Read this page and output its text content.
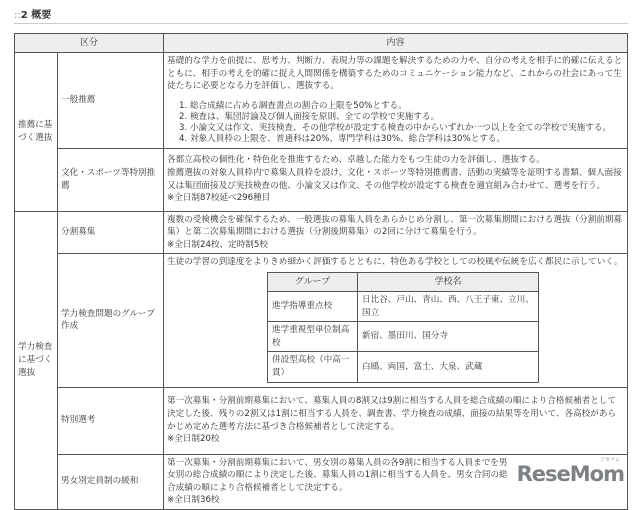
::2 概要
区分	内容
推薦に基づく選抜	一般推薦	
基礎的な学力を前提に、思考力、判断力、表現力等の課題を解決するための力や、自分の考えを相手に的確に伝えるとともに、相手の考えを的確に捉え人間関係を構築するためのコミュニケーション能力など、これからの社会にあって生徒たちに必要となる力を評価し、選抜する。
1. 総合成績に占める調査書点の割合の上限を50%とする。
2. 検査は、集団討論及び個人面接を原則、全ての学校で実施する。
3. 小論文又は作文、実技検査、その他学校が設定する検査の中からいずれか一つ以上を全ての学校で実施する。
4. 対象人員枠の上限を、普通科は20%、専門学科は30%、総合学科は30%とする。

文化・スポーツ等特別推薦	
各都立高校の個性化・特色化を推進するため、卓越した能力をもつ生徒の力を評価し、選抜する。
推薦選抜の対象人員枠内で募集人員枠を設け、文化・スポーツ等特別推薦書、活動の実績等を証明する書類、個人面接又は集団面接及び実技検査の他、小論文又は作文、その他学校が設定する検査を適宜組み合わせて、選考を行う。
※全日制87校延べ296種目

学力検査に基づく選抜	分割募集	
複数の受検機会を確保するため、一般選抜の募集人員をあらかじめ分割し、第一次募集期間における選抜（分割前期募集）と第二次募集期間における選抜（分割後期募集）の2回に分けて募集を行う。
※全日制24校、定時制5校

学力検査問題のグループ作成	
生徒の学習の到達度をよりきめ細かく評価するとともに、特色ある学校としての校風や伝統を広く都民に示していく。
グループ	学校名
進学指導重点校	日比谷、戸山、青山、西、八王子東、立川、国立
進学重視型単位制高校	新宿、墨田川、国分寺
併設型高校（中高一貫）	白鴎、両国、富士、大泉、武蔵

特別選考	
第一次募集・分割前期募集において、募集人員の8割又は9割に相当する人員を総合成績の順により合格候補者として決定した後、残りの2割又は1割に相当する人員を、調査書、学力検査の成績、面接の結果等を用いて、各高校があらかじめ定めた選考方法に基づき合格候補者として決定する。
※全日制20校

男女別定員制の緩和	
リセマム
ReseMom
第一次募集・分割前期募集において、男女別の募集人員の各9割に相当する人員までを男女別の総合成績の順により決定した後、募集人員の1割に相当する人員を、男女合同の総合成績の順により合格候補者として決定する。
※全日制36校
